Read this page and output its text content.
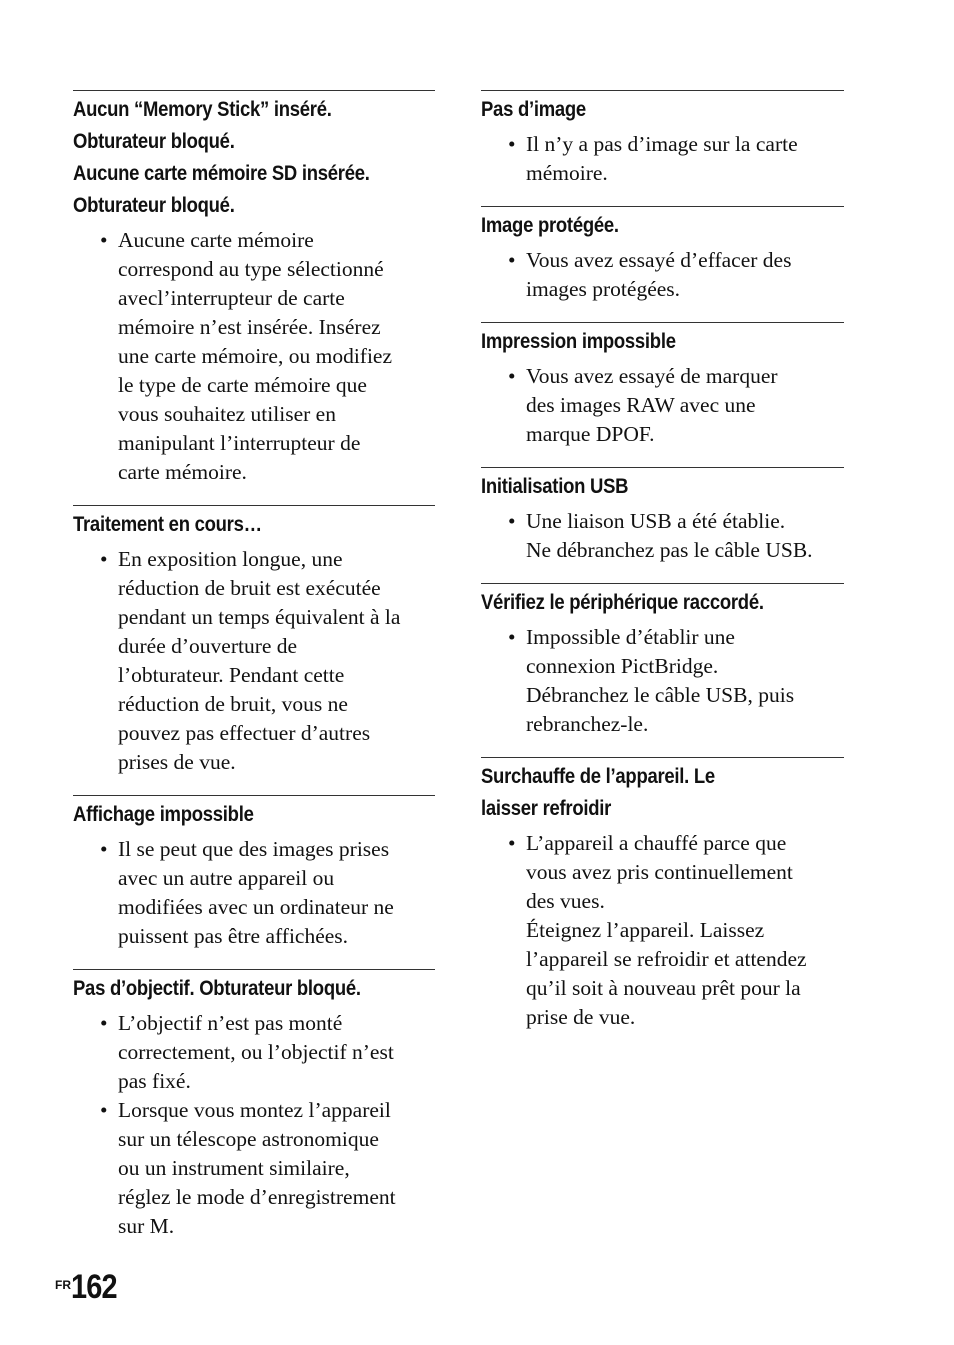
Aucun “Memory Stick” inséré.
Obturateur bloqué.
Aucune carte mémoire SD insérée.
Obturateur bloqué.
• Aucune carte mémoire
correspond au type sélectionné
avecl’interrupteur de carte
mémoire n’est insérée. Insérez
une carte mémoire, ou modifiez
le type de carte mémoire que
vous souhaitez utiliser en
manipulant l’interrupteur de
carte mémoire.
Traitement en cours…
• En exposition longue, une
réduction de bruit est exécutée
pendant un temps équivalent à la
durée d’ouverture de
l’obturateur. Pendant cette
réduction de bruit, vous ne
pouvez pas effectuer d’autres
prises de vue.
Affichage impossible
• Il se peut que des images prises
avec un autre appareil ou
modifiées avec un ordinateur ne
puissent pas être affichées.
Pas d’objectif. Obturateur bloqué.
• L’objectif n’est pas monté
correctement, ou l’objectif n’est
pas fixé.
• Lorsque vous montez l’appareil
sur un télescope astronomique
ou un instrument similaire,
réglez le mode d’enregistrement
sur M.
Pas d’image
• Il n’y a pas d’image sur la carte
mémoire.
Image protégée.
• Vous avez essayé d’effacer des
images protégées.
Impression impossible
• Vous avez essayé de marquer
des images RAW avec une
marque DPOF.
Initialisation USB
• Une liaison USB a été établie.
Ne débranchez pas le câble USB.
Vérifiez le périphérique raccordé.
• Impossible d’établir une
connexion PictBridge.
Débranchez le câble USB, puis
rebranchez-le.
Surchauffe de l’appareil. Le
laisser refroidir
• L’appareil a chauffé parce que
vous avez pris continuellement
des vues.
Éteignez l’appareil. Laissez
l’appareil se refroidir et attendez
qu’il soit à nouveau prêt pour la
prise de vue.
$^{FR}$162
